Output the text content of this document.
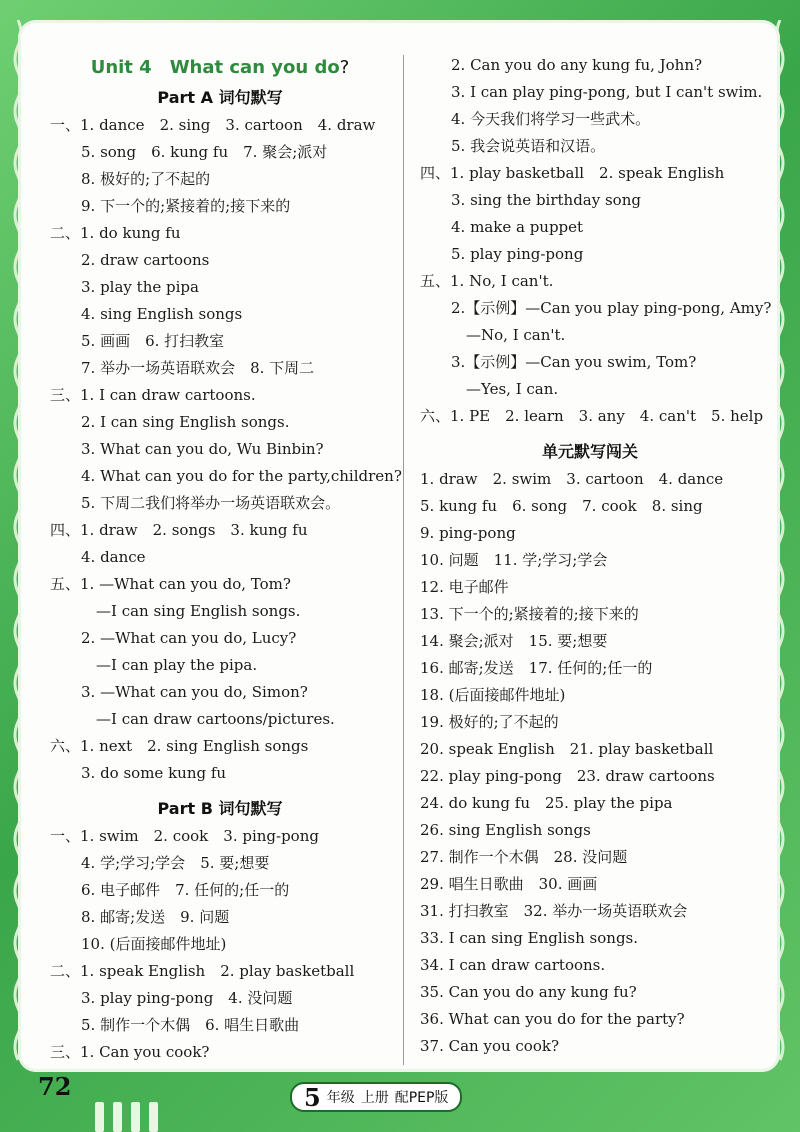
Unit 4　What can you do?
Part A 词句默写
一、1. dance　2. sing　3. cartoon　4. draw
5. song　6. kung fu　7. 聚会;派对
8. 极好的;了不起的
9. 下一个的;紧接着的;接下来的
二、1. do kung fu
2. draw cartoons
3. play the pipa
4. sing English songs
5. 画画　6. 打扫教室
7. 举办一场英语联欢会　8. 下周二
三、1. I can draw cartoons.
2. I can sing English songs.
3. What can you do, Wu Binbin?
4. What can you do for the party,children?
5. 下周二我们将举办一场英语联欢会。
四、1. draw　2. songs　3. kung fu
4. dance
五、1. —What can you do, Tom?
—I can sing English songs.
2. —What can you do, Lucy?
—I can play the pipa.
3. —What can you do, Simon?
—I can draw cartoons/pictures.
六、1. next　2. sing English songs
3. do some kung fu
Part B 词句默写
一、1. swim　2. cook　3. ping-pong
4. 学;学习;学会　5. 要;想要
6. 电子邮件　7. 任何的;任一的
8. 邮寄;发送　9. 问题
10. (后面接邮件地址)
二、1. speak English　2. play basketball
3. play ping-pong　4. 没问题
5. 制作一个木偶　6. 唱生日歌曲
三、1. Can you cook?
2. Can you do any kung fu, John?
3. I can play ping-pong, but I can't swim.
4. 今天我们将学习一些武术。
5. 我会说英语和汉语。
四、1. play basketball　2. speak English
3. sing the birthday song
4. make a puppet
5. play ping-pong
五、1. No, I can't.
2.【示例】—Can you play ping-pong, Amy?
—No, I can't.
3.【示例】—Can you swim, Tom?
—Yes, I can.
六、1. PE　2. learn　3. any　4. can't　5. help
单元默写闯关
1. draw　2. swim　3. cartoon　4. dance
5. kung fu　6. song　7. cook　8. sing
9. ping-pong
10. 问题　11. 学;学习;学会
12. 电子邮件
13. 下一个的;紧接着的;接下来的
14. 聚会;派对　15. 要;想要
16. 邮寄;发送　17. 任何的;任一的
18. (后面接邮件地址)
19. 极好的;了不起的
20. speak English　21. play basketball
22. play ping-pong　23. draw cartoons
24. do kung fu　25. play the pipa
26. sing English songs
27. 制作一个木偶　28. 没问题
29. 唱生日歌曲　30. 画画
31. 打扫教室　32. 举办一场英语联欢会
33. I can sing English songs.
34. I can draw cartoons.
35. Can you do any kung fu?
36. What can you do for the party?
37. Can you cook?
72	5 年级 上册 配PEP版
